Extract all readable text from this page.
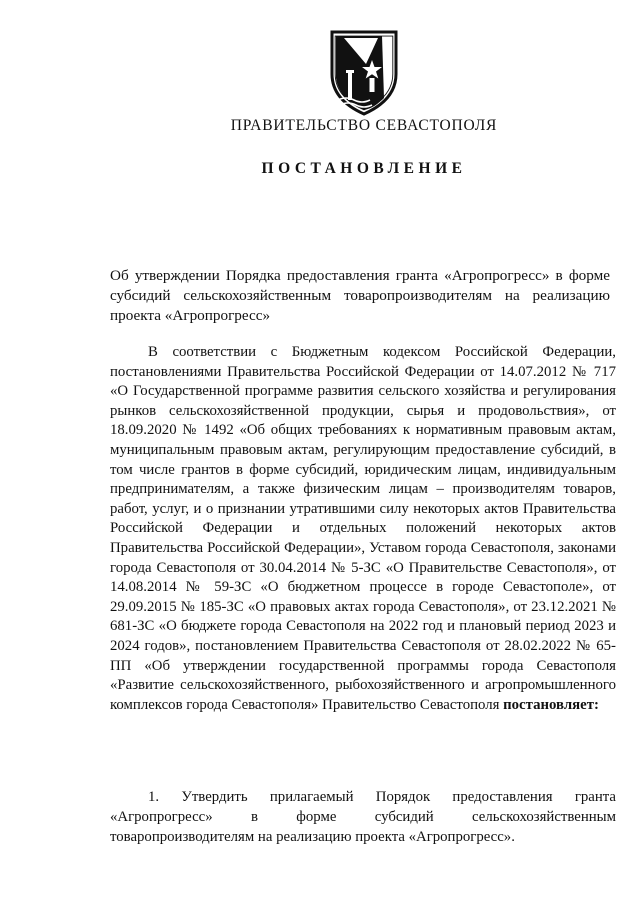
ПРАВИТЕЛЬСТВО СЕВАСТОПОЛЯ
ПОСТАНОВЛЕНИЕ
Об утверждении Порядка предоставления гранта «Агропрогресс» в форме субсидий сельскохозяйственным товаропроизводителям на реализацию проекта «Агропрогресс»

В соответствии с Бюджетным кодексом Российской Федерации, постановлениями Правительства Российской Федерации от 14.07.2012 № 717 «О Государственной программе развития сельского хозяйства и регулирования рынков сельскохозяйственной продукции, сырья и продовольствия», от 18.09.2020 № 1492 «Об общих требованиях к нормативным правовым актам, муниципальным правовым актам, регулирующим предоставление субсидий, в том числе грантов в форме субсидий, юридическим лицам, индивидуальным предпринимателям, а также физическим лицам – производителям товаров, работ, услуг, и о признании утратившими силу некоторых актов Правительства Российской Федерации и отдельных положений некоторых актов Правительства Российской Федерации», Уставом города Севастополя, законами города Севастополя от 30.04.2014 № 5-ЗС «О Правительстве Севастополя», от 14.08.2014 № 59-ЗС «О бюджетном процессе в городе Севастополе», от 29.09.2015 № 185-ЗС «О правовых актах города Севастополя», от 23.12.2021 № 681-ЗС «О бюджете города Севастополя на 2022 год и плановый период 2023 и 2024 годов», постановлением Правительства Севастополя от 28.02.2022 № 65-ПП «Об утверждении государственной программы города Севастополя «Развитие сельскохозяйственного, рыбохозяйственного и агропромышленного комплексов города Севастополя» Правительство Севастополя постановляет:

1. Утвердить прилагаемый Порядок предоставления гранта «Агропрогресс» в форме субсидий сельскохозяйственным товаропроизводителям на реализацию проекта «Агропрогресс».
